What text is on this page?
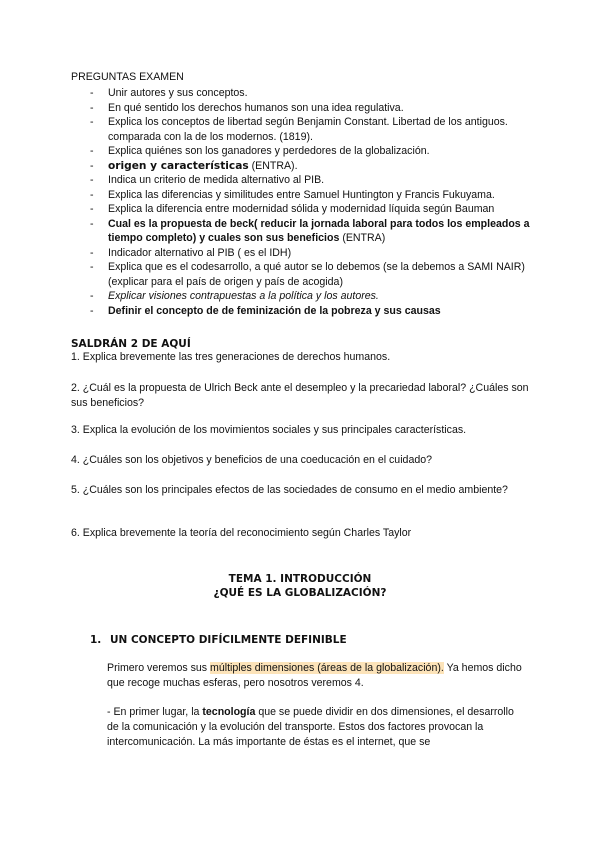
PREGUNTAS EXAMEN
- Unir autores y sus conceptos.
- En qué sentido los derechos humanos son una idea regulativa.
- Explica los conceptos de libertad según Benjamin Constant. Libertad de los antiguos. comparada con la de los modernos. (1819).
- Explica quiénes son los ganadores y perdedores de la globalización.
- origen y características (ENTRA).
- Indica un criterio de medida alternativo al PIB.
- Explica las diferencias y similitudes entre Samuel Huntington y Francis Fukuyama.
- Explica la diferencia entre modernidad sólida y modernidad líquida según Bauman
- Cual es la propuesta de beck( reducir la jornada laboral para todos los empleados a tiempo completo) y cuales son sus beneficios (ENTRA)
- Indicador alternativo al PIB ( es el IDH)
- Explica que es el codesarrollo, a qué autor se lo debemos (se la debemos a SAMI NAIR) (explicar para el país de origen y país de acogida)
- Explicar visiones contrapuestas a la política y los autores.
- Definir el concepto de de feminización de la pobreza y sus causas
SALDRÁN 2 DE AQUÍ
1. Explica brevemente las tres generaciones de derechos humanos.
2. ¿Cuál es la propuesta de Ulrich Beck ante el desempleo y la precariedad laboral? ¿Cuáles son sus beneficios?
3. Explica la evolución de los movimientos sociales y sus principales características.
4. ¿Cuáles son los objetivos y beneficios de una coeducación en el cuidado?
5. ¿Cuáles son los principales efectos de las sociedades de consumo en el medio ambiente?
6. Explica brevemente la teoría del reconocimiento según Charles Taylor
TEMA 1. INTRODUCCIÓN
¿QUÉ ES LA GLOBALIZACIÓN?
1. UN CONCEPTO DIFÍCILMENTE DEFINIBLE
Primero veremos sus múltiples dimensiones (áreas de la globalización). Ya hemos dicho que recoge muchas esferas, pero nosotros veremos 4.
- En primer lugar, la tecnología que se puede dividir en dos dimensiones, el desarrollo de la comunicación y la evolución del transporte. Estos dos factores provocan la intercomunicación. La más importante de éstas es el internet, que se
